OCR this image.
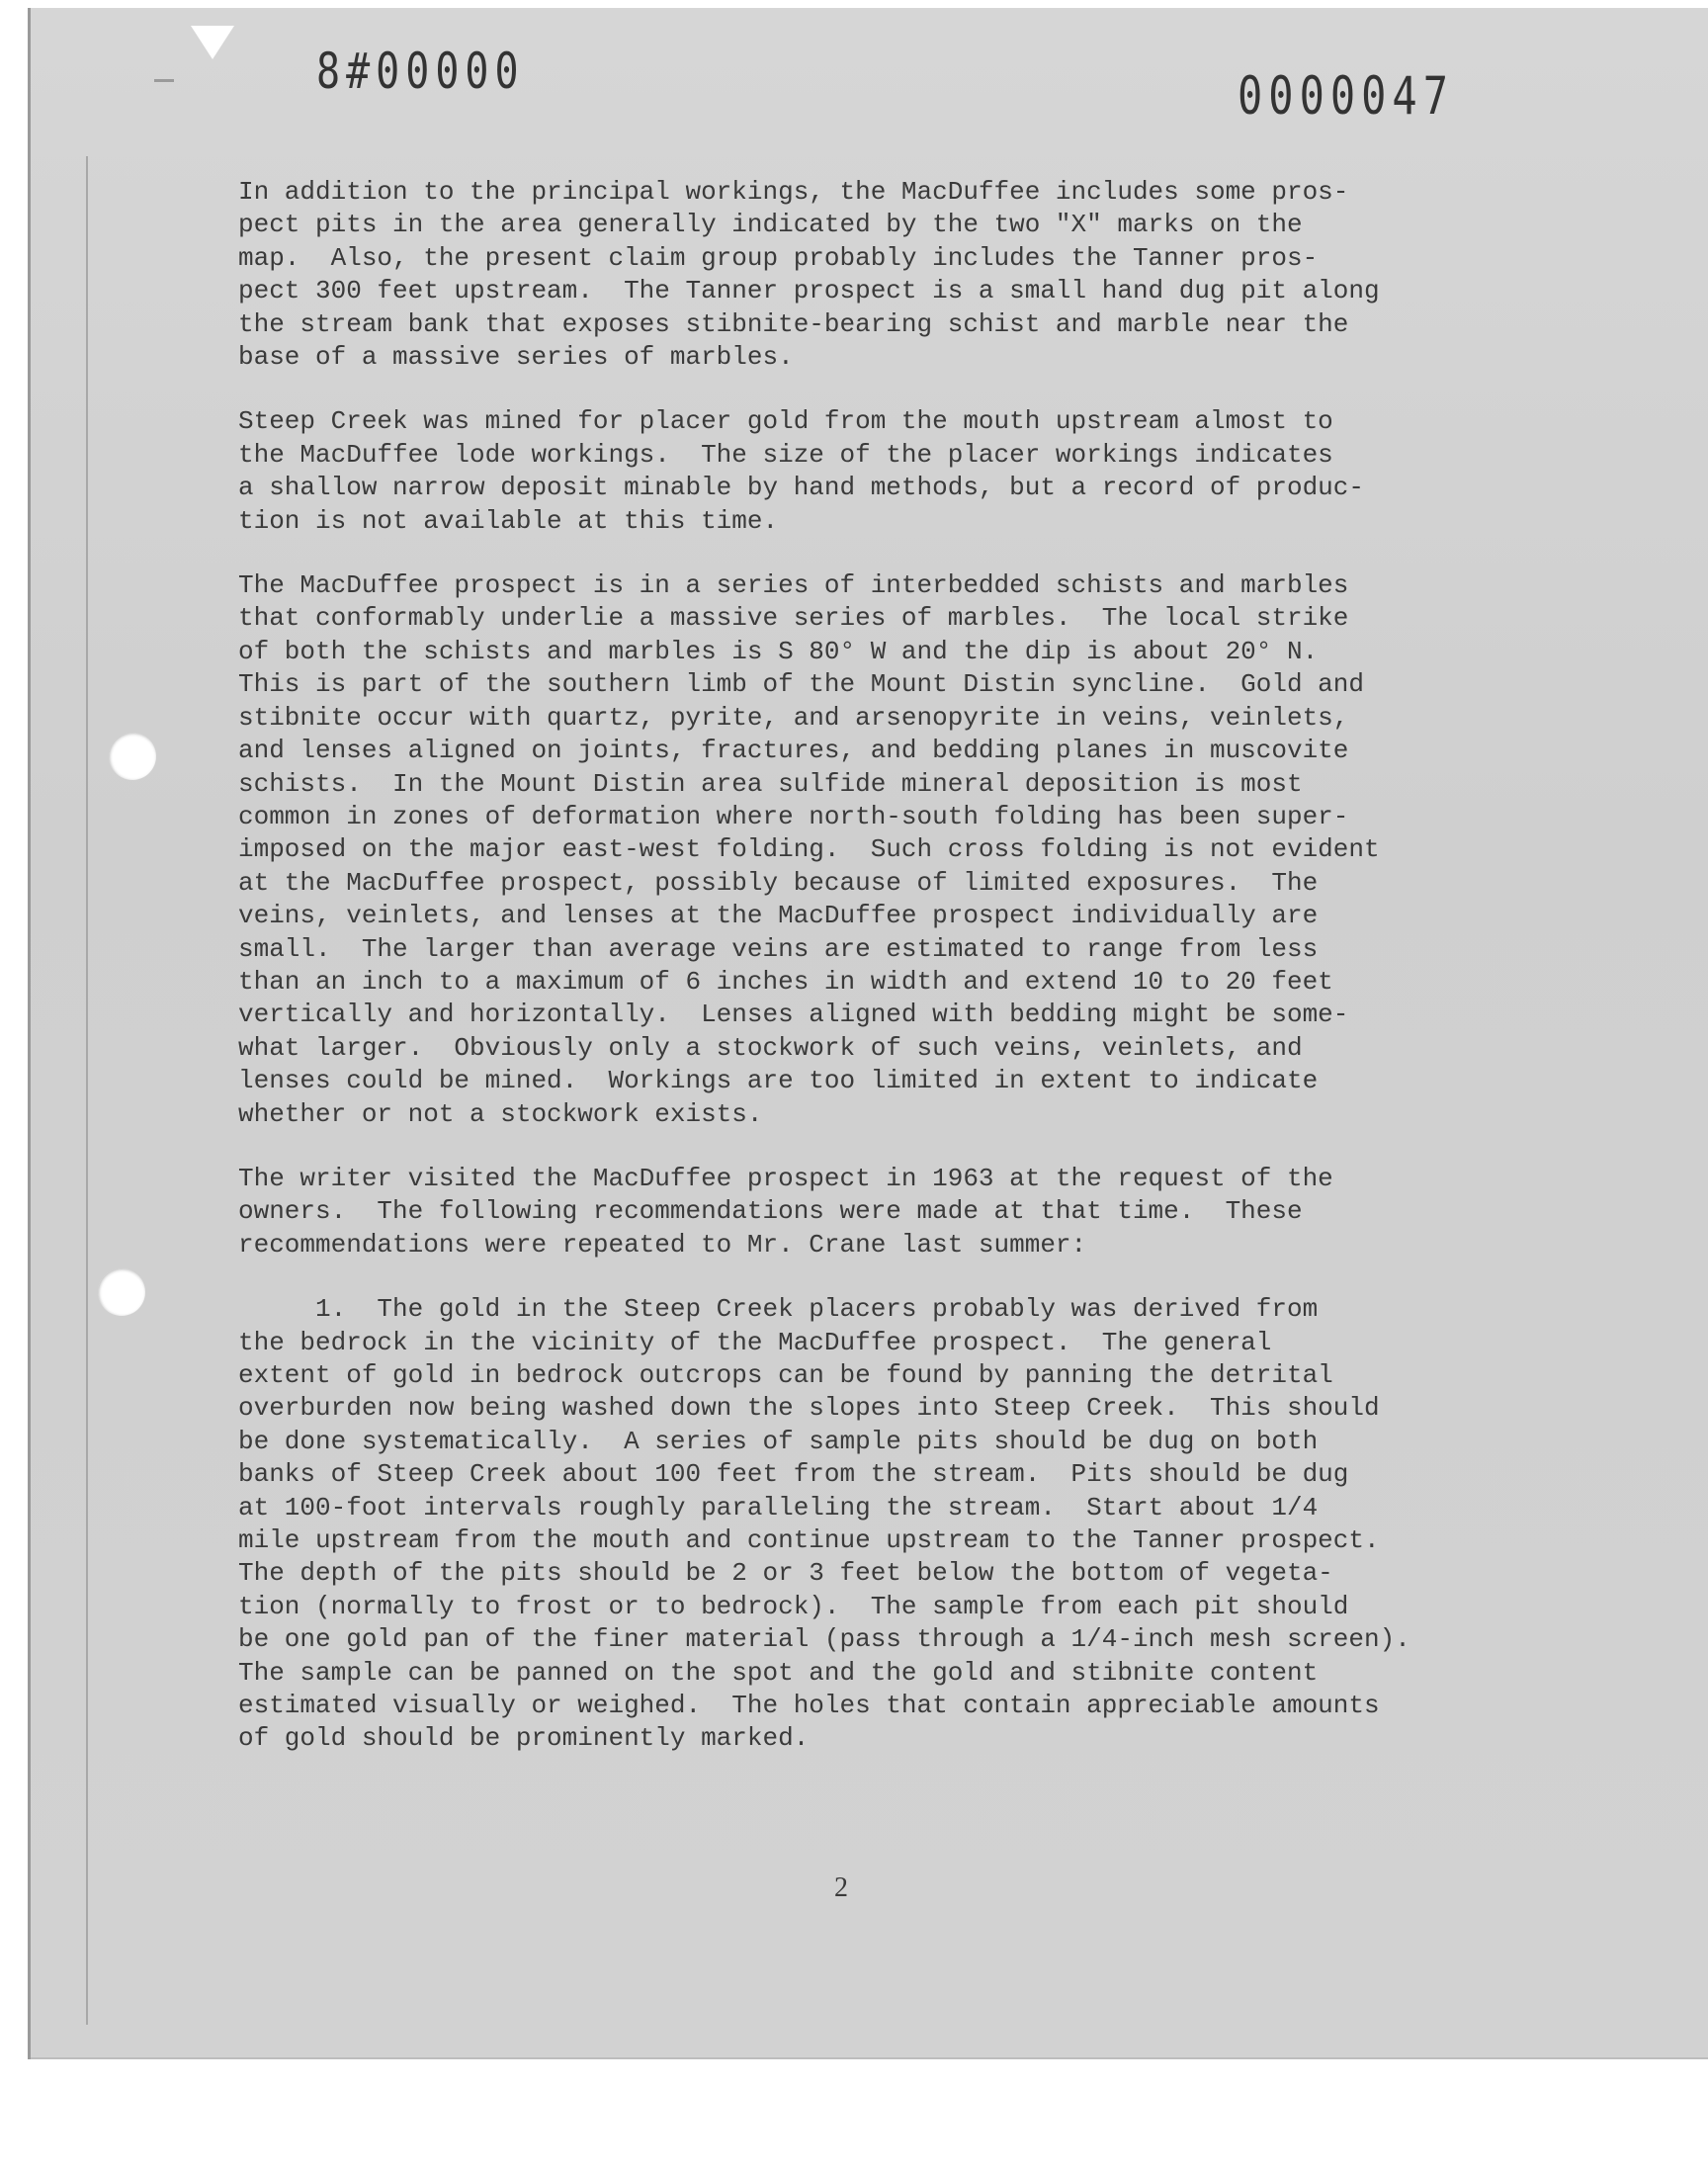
8#00000	0000047

In addition to the principal workings, the MacDuffee includes some pros-
pect pits in the area generally indicated by the two "X" marks on the
map.  Also, the present claim group probably includes the Tanner pros-
pect 300 feet upstream.  The Tanner prospect is a small hand dug pit along
the stream bank that exposes stibnite-bearing schist and marble near the
base of a massive series of marbles.

Steep Creek was mined for placer gold from the mouth upstream almost to
the MacDuffee lode workings.  The size of the placer workings indicates
a shallow narrow deposit minable by hand methods, but a record of produc-
tion is not available at this time.

The MacDuffee prospect is in a series of interbedded schists and marbles
that conformably underlie a massive series of marbles.  The local strike
of both the schists and marbles is S 80° W and the dip is about 20° N.
This is part of the southern limb of the Mount Distin syncline.  Gold and
stibnite occur with quartz, pyrite, and arsenopyrite in veins, veinlets,
and lenses aligned on joints, fractures, and bedding planes in muscovite
schists.  In the Mount Distin area sulfide mineral deposition is most
common in zones of deformation where north-south folding has been super-
imposed on the major east-west folding.  Such cross folding is not evident
at the MacDuffee prospect, possibly because of limited exposures.  The
veins, veinlets, and lenses at the MacDuffee prospect individually are
small.  The larger than average veins are estimated to range from less
than an inch to a maximum of 6 inches in width and extend 10 to 20 feet
vertically and horizontally.  Lenses aligned with bedding might be some-
what larger.  Obviously only a stockwork of such veins, veinlets, and
lenses could be mined.  Workings are too limited in extent to indicate
whether or not a stockwork exists.

The writer visited the MacDuffee prospect in 1963 at the request of the
owners.  The following recommendations were made at that time.  These
recommendations were repeated to Mr. Crane last summer:

1.  The gold in the Steep Creek placers probably was derived from
the bedrock in the vicinity of the MacDuffee prospect.  The general
extent of gold in bedrock outcrops can be found by panning the detrital
overburden now being washed down the slopes into Steep Creek.  This should
be done systematically.  A series of sample pits should be dug on both
banks of Steep Creek about 100 feet from the stream.  Pits should be dug
at 100-foot intervals roughly paralleling the stream.  Start about 1/4
mile upstream from the mouth and continue upstream to the Tanner prospect.
The depth of the pits should be 2 or 3 feet below the bottom of vegeta-
tion (normally to frost or to bedrock).  The sample from each pit should
be one gold pan of the finer material (pass through a 1/4-inch mesh screen).
The sample can be panned on the spot and the gold and stibnite content
estimated visually or weighed.  The holes that contain appreciable amounts
of gold should be prominently marked.

2
